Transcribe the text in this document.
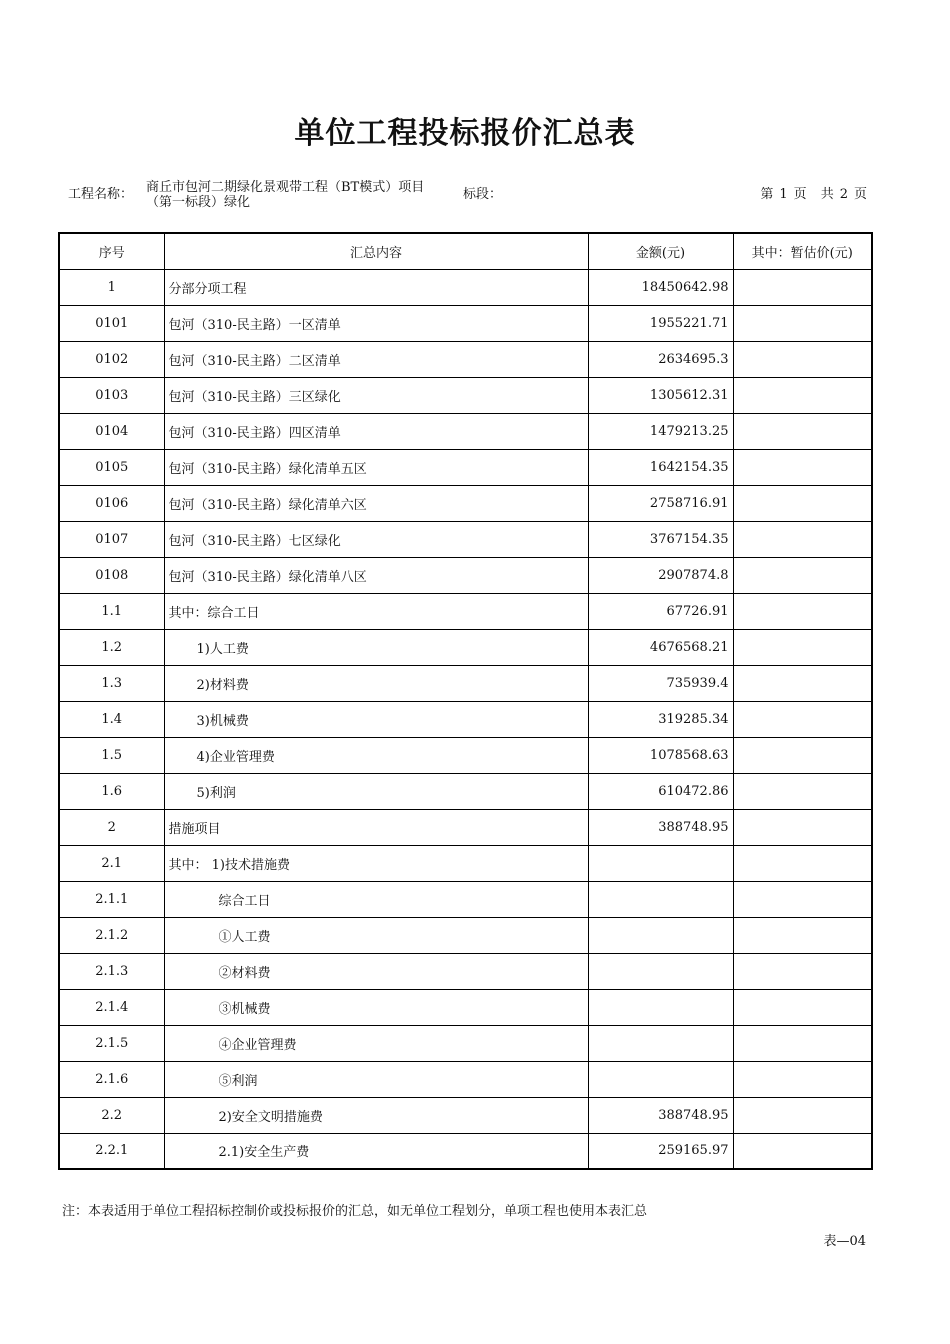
单位工程投标报价汇总表
工程名称： 商丘市包河二期绿化景观带工程（BT模式）项目（第一标段）绿化
标段：	第 1 页 共 2 页
序号	汇总内容	金额(元)	其中：暂估价(元)
1	分部分项工程	18450642.98	
0101	包河（310-民主路）一区清单	1955221.71	
0102	包河（310-民主路）二区清单	2634695.3	
0103	包河（310-民主路）三区绿化	1305612.31	
0104	包河（310-民主路）四区清单	1479213.25	
0105	包河（310-民主路）绿化清单五区	1642154.35	
0106	包河（310-民主路）绿化清单六区	2758716.91	
0107	包河（310-民主路）七区绿化	3767154.35	
0108	包河（310-民主路）绿化清单八区	2907874.8	
1.1	其中：综合工日	67726.91	
1.2	1)人工费	4676568.21	
1.3	2)材料费	735939.4	
1.4	3)机械费	319285.34	
1.5	4)企业管理费	1078568.63	
1.6	5)利润	610472.86	
2	措施项目	388748.95	
2.1	其中： 1)技术措施费		
2.1.1	综合工日		
2.1.2	①人工费		
2.1.3	②材料费		
2.1.4	③机械费		
2.1.5	④企业管理费		
2.1.6	⑤利润		
2.2	2)安全文明措施费	388748.95	
2.2.1	2.1)安全生产费	259165.97	
注：本表适用于单位工程招标控制价或投标报价的汇总，如无单位工程划分，单项工程也使用本表汇总
表—04
